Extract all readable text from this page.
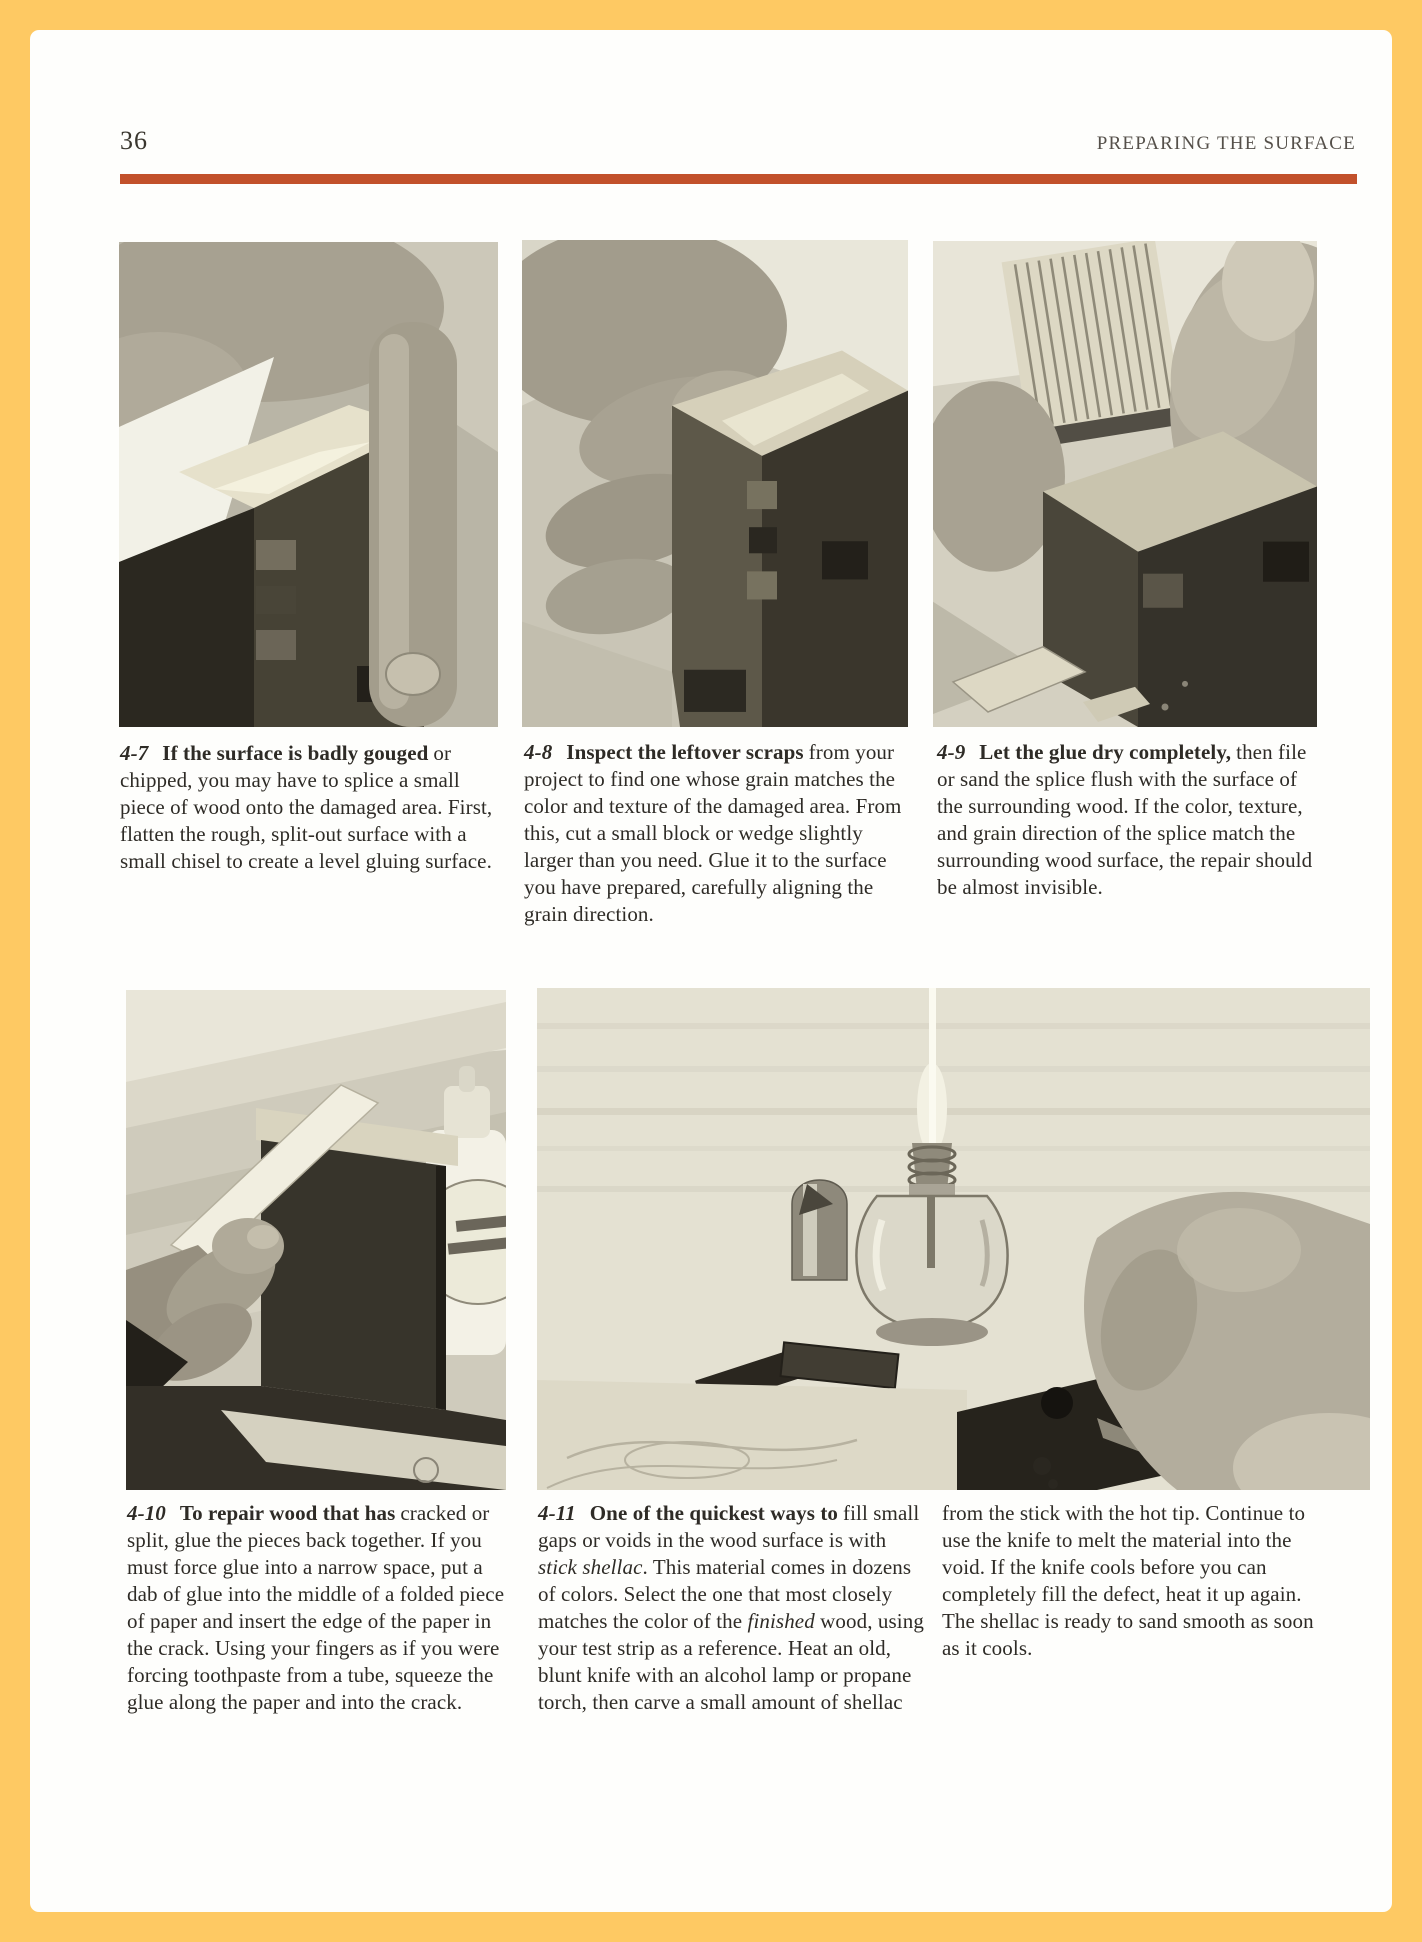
36	PREPARING THE SURFACE

4-7 If the surface is badly gouged or chipped, you may have to splice a small piece of wood onto the damaged area. First, flatten the rough, split-out surface with a small chisel to create a level gluing surface.

4-8 Inspect the leftover scraps from your project to find one whose grain matches the color and texture of the damaged area. From this, cut a small block or wedge slightly larger than you need. Glue it to the surface you have prepared, carefully aligning the grain direction.

4-9 Let the glue dry completely, then file or sand the splice flush with the surface of the surrounding wood. If the color, texture, and grain direction of the splice match the surrounding wood surface, the repair should be almost invisible.

4-10 To repair wood that has cracked or split, glue the pieces back together. If you must force glue into a narrow space, put a dab of glue into the middle of a folded piece of paper and insert the edge of the paper in the crack. Using your fingers as if you were forcing toothpaste from a tube, squeeze the glue along the paper and into the crack.

4-11 One of the quickest ways to fill small gaps or voids in the wood surface is with stick shellac. This material comes in dozens of colors. Select the one that most closely matches the color of the finished wood, using your test strip as a reference. Heat an old, blunt knife with an alcohol lamp or propane torch, then carve a small amount of shellac

from the stick with the hot tip. Continue to use the knife to melt the material into the void. If the knife cools before you can completely fill the defect, heat it up again. The shellac is ready to sand smooth as soon as it cools.
